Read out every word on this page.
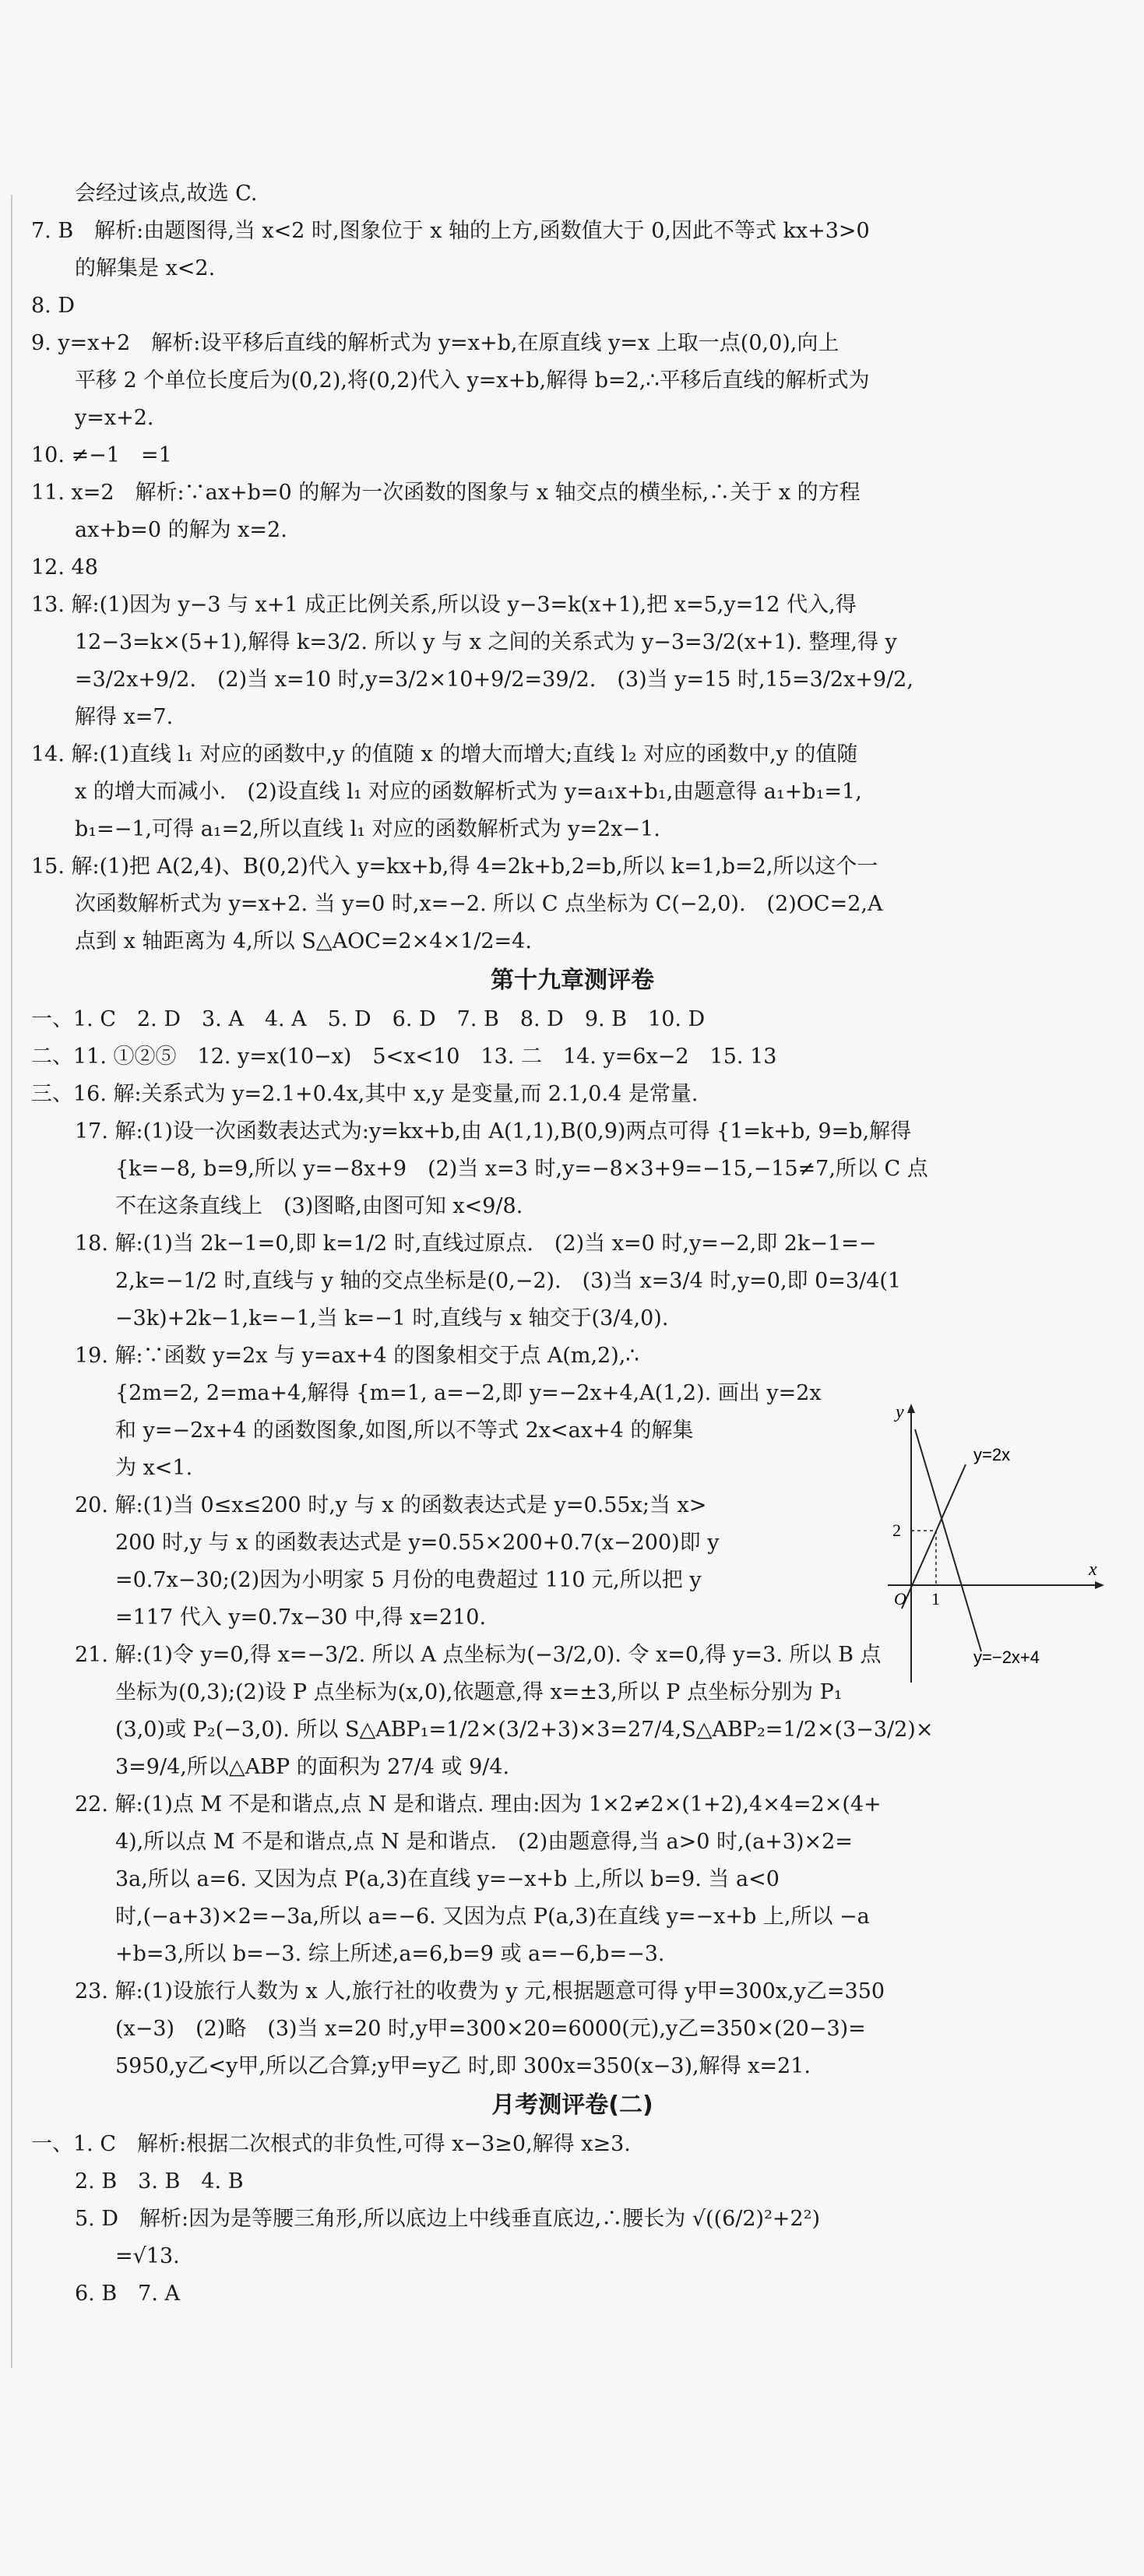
会经过该点,故选 C.
7. B　解析:由题图得,当 x<2 时,图象位于 x 轴的上方,函数值大于 0,因此不等式 kx+3>0
的解集是 x<2.
8. D
9. y=x+2　解析:设平移后直线的解析式为 y=x+b,在原直线 y=x 上取一点(0,0),向上
平移 2 个单位长度后为(0,2),将(0,2)代入 y=x+b,解得 b=2,∴平移后直线的解析式为
y=x+2.
10. ≠−1　=1
11. x=2　解析:∵ax+b=0 的解为一次函数的图象与 x 轴交点的横坐标,∴关于 x 的方程
ax+b=0 的解为 x=2.
12. 48
13. 解:(1)因为 y−3 与 x+1 成正比例关系,所以设 y−3=k(x+1),把 x=5,y=12 代入,得
12−3=k×(5+1),解得 k=3/2. 所以 y 与 x 之间的关系式为 y−3=3/2(x+1). 整理,得 y
=3/2x+9/2.　(2)当 x=10 时,y=3/2×10+9/2=39/2.　(3)当 y=15 时,15=3/2x+9/2,
解得 x=7.
14. 解:(1)直线 l₁ 对应的函数中,y 的值随 x 的增大而增大;直线 l₂ 对应的函数中,y 的值随
x 的增大而减小.　(2)设直线 l₁ 对应的函数解析式为 y=a₁x+b₁,由题意得 a₁+b₁=1,
b₁=−1,可得 a₁=2,所以直线 l₁ 对应的函数解析式为 y=2x−1.
15. 解:(1)把 A(2,4)、B(0,2)代入 y=kx+b,得 4=2k+b,2=b,所以 k=1,b=2,所以这个一
次函数解析式为 y=x+2. 当 y=0 时,x=−2. 所以 C 点坐标为 C(−2,0).　(2)OC=2,A
点到 x 轴距离为 4,所以 S△AOC=2×4×1/2=4.
第十九章测评卷
一、1. C　2. D　3. A　4. A　5. D　6. D　7. B　8. D　9. B　10. D
二、11. ①②⑤　12. y=x(10−x)　5<x<10　13. 二　14. y=6x−2　15. 13
三、16. 解:关系式为 y=2.1+0.4x,其中 x,y 是变量,而 2.1,0.4 是常量.
17. 解:(1)设一次函数表达式为:y=kx+b,由 A(1,1),B(0,9)两点可得 {1=k+b, 9=b,解得
{k=−8, b=9,所以 y=−8x+9　(2)当 x=3 时,y=−8×3+9=−15,−15≠7,所以 C 点
不在这条直线上　(3)图略,由图可知 x<9/8.
18. 解:(1)当 2k−1=0,即 k=1/2 时,直线过原点.　(2)当 x=0 时,y=−2,即 2k−1=−
2,k=−1/2 时,直线与 y 轴的交点坐标是(0,−2).　(3)当 x=3/4 时,y=0,即 0=3/4(1
−3k)+2k−1,k=−1,当 k=−1 时,直线与 x 轴交于(3/4,0).
19. 解:∵函数 y=2x 与 y=ax+4 的图象相交于点 A(m,2),∴
{2m=2, 2=ma+4,解得 {m=1, a=−2,即 y=−2x+4,A(1,2). 画出 y=2x
和 y=−2x+4 的函数图象,如图,所以不等式 2x<ax+4 的解集
为 x<1.
20. 解:(1)当 0≤x≤200 时,y 与 x 的函数表达式是 y=0.55x;当 x>
200 时,y 与 x 的函数表达式是 y=0.55×200+0.7(x−200)即 y
=0.7x−30;(2)因为小明家 5 月份的电费超过 110 元,所以把 y
=117 代入 y=0.7x−30 中,得 x=210.
21. 解:(1)令 y=0,得 x=−3/2. 所以 A 点坐标为(−3/2,0). 令 x=0,得 y=3. 所以 B 点
坐标为(0,3);(2)设 P 点坐标为(x,0),依题意,得 x=±3,所以 P 点坐标分别为 P₁
(3,0)或 P₂(−3,0). 所以 S△ABP₁=1/2×(3/2+3)×3=27/4,S△ABP₂=1/2×(3−3/2)×
3=9/4,所以△ABP 的面积为 27/4 或 9/4.
22. 解:(1)点 M 不是和谐点,点 N 是和谐点. 理由:因为 1×2≠2×(1+2),4×4=2×(4+
4),所以点 M 不是和谐点,点 N 是和谐点.　(2)由题意得,当 a>0 时,(a+3)×2=
3a,所以 a=6. 又因为点 P(a,3)在直线 y=−x+b 上,所以 b=9. 当 a<0
时,(−a+3)×2=−3a,所以 a=−6. 又因为点 P(a,3)在直线 y=−x+b 上,所以 −a
+b=3,所以 b=−3. 综上所述,a=6,b=9 或 a=−6,b=−3.
23. 解:(1)设旅行人数为 x 人,旅行社的收费为 y 元,根据题意可得 y甲=300x,y乙=350
(x−3)　(2)略　(3)当 x=20 时,y甲=300×20=6000(元),y乙=350×(20−3)=
5950,y乙<y甲,所以乙合算;y甲=y乙 时,即 300x=350(x−3),解得 x=21.
月考测评卷(二)
一、1. C　解析:根据二次根式的非负性,可得 x−3≥0,解得 x≥3.
2. B　3. B　4. B
5. D　解析:因为是等腰三角形,所以底边上中线垂直底边,∴腰长为 √((6/2)²+2²)
=√13.
6. B　7. A
y
x
O 1
2
y=2x
y=−2x+4
